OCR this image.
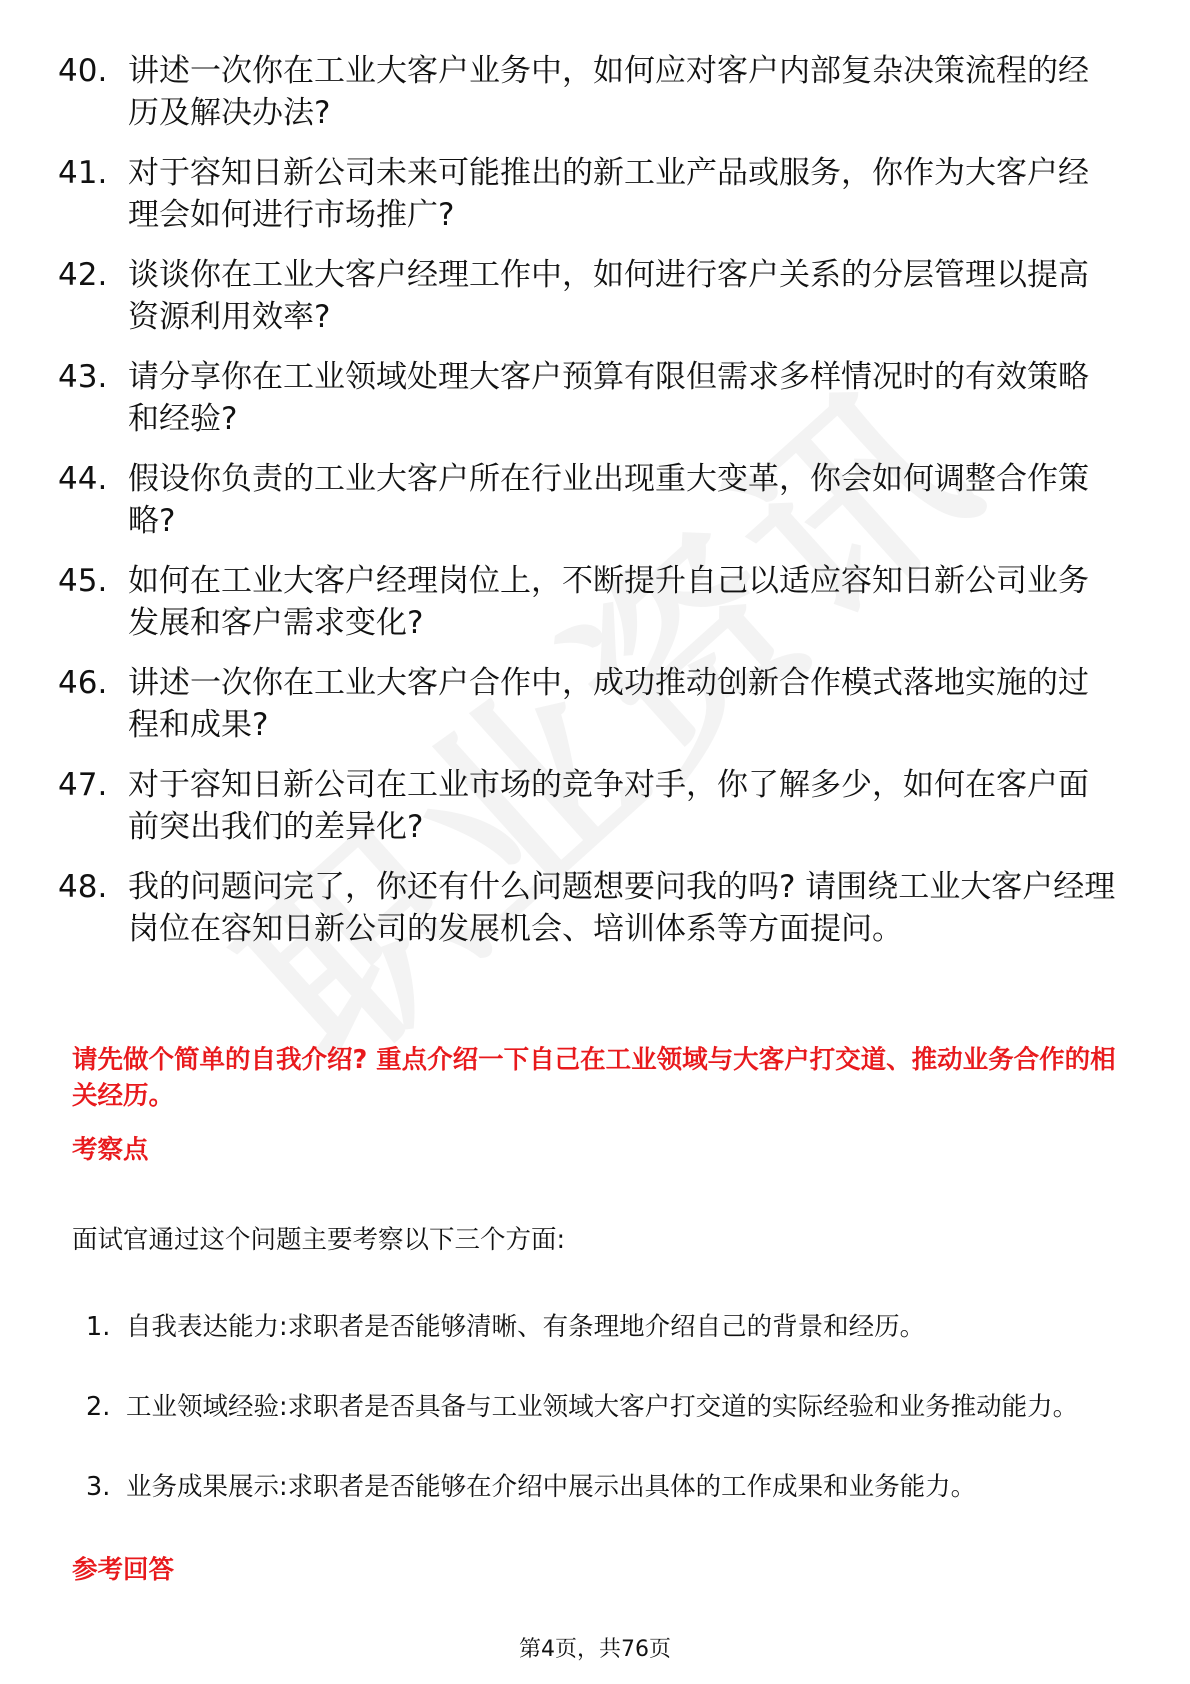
40. 讲述一次你在工业大客户业务中，如何应对客户内部复杂决策流程的经历及解决办法?
41. 对于容知日新公司未来可能推出的新工业产品或服务，你作为大客户经理会如何进行市场推广?
42. 谈谈你在工业大客户经理工作中，如何进行客户关系的分层管理以提高资源利用效率?
43. 请分享你在工业领域处理大客户预算有限但需求多样情况时的有效策略和经验?
44. 假设你负责的工业大客户所在行业出现重大变革，你会如何调整合作策略?
45. 如何在工业大客户经理岗位上，不断提升自己以适应容知日新公司业务发展和客户需求变化?
46. 讲述一次你在工业大客户合作中，成功推动创新合作模式落地实施的过程和成果?
47. 对于容知日新公司在工业市场的竞争对手，你了解多少，如何在客户面前突出我们的差异化?
48. 我的问题问完了，你还有什么问题想要问我的吗? 请围绕工业大客户经理岗位在容知日新公司的发展机会、培训体系等方面提问。
请先做个简单的自我介绍? 重点介绍一下自己在工业领域与大客户打交道、推动业务合作的相关经历。
考察点
面试官通过这个问题主要考察以下三个方面:
1. 自我表达能力:求职者是否能够清晰、有条理地介绍自己的背景和经历。
2. 工业领域经验:求职者是否具备与工业领域大客户打交道的实际经验和业务推动能力。
3. 业务成果展示:求职者是否能够在介绍中展示出具体的工作成果和业务能力。
参考回答
第4页，共76页
